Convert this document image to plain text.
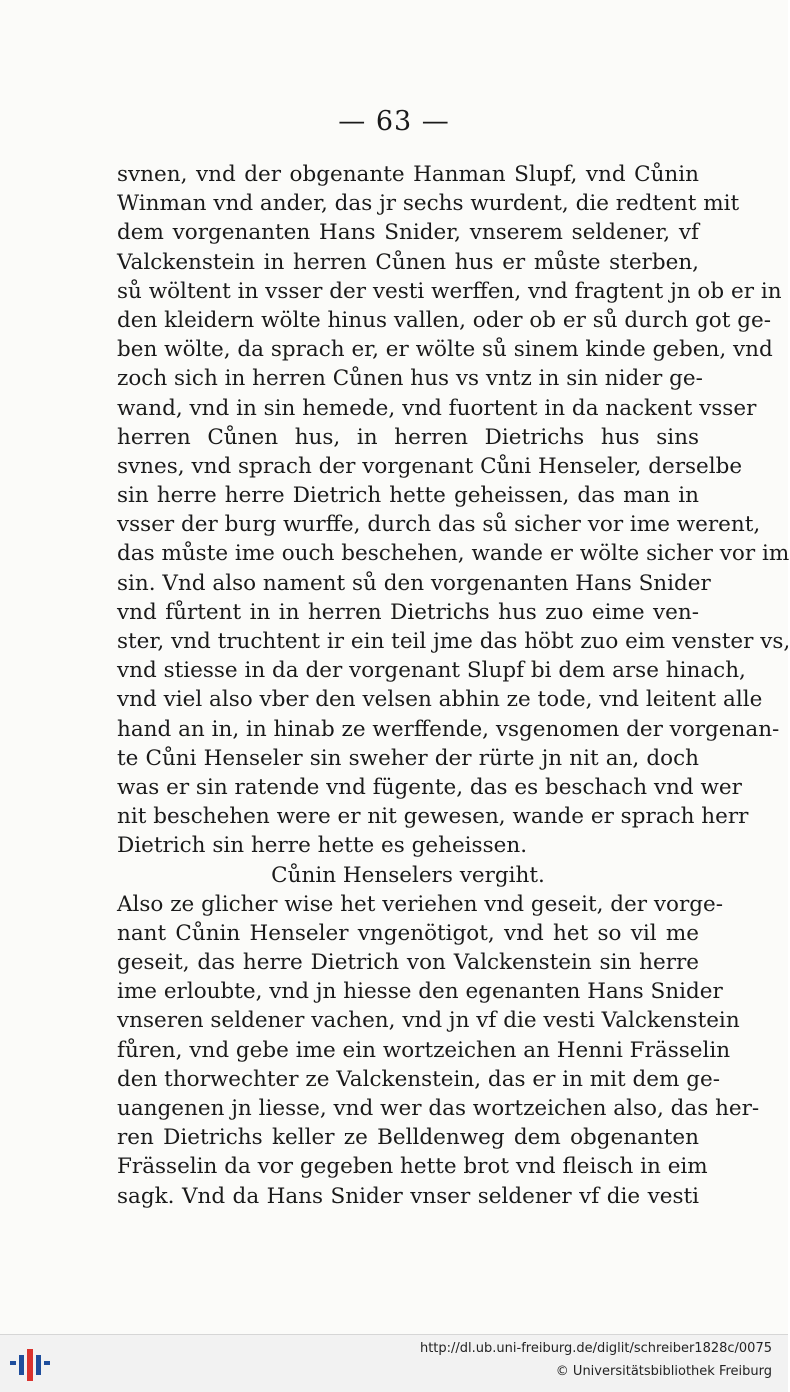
— 63 —
svnen, vnd der obgenante Hanman Slupf, vnd Cůnin
Winman vnd ander, das jr sechs wurdent, die redtent mit
dem vorgenanten Hans Snider, vnserem seldener, vf
Valckenstein in herren Cůnen hus er můste sterben,
sů wöltent in vsser der vesti werffen, vnd fragtent jn ob er in
den kleidern wölte hinus vallen, oder ob er sů durch got ge-
ben wölte, da sprach er, er wölte sů sinem kinde geben, vnd
zoch sich in herren Cůnen hus vs vntz in sin nider ge-
wand, vnd in sin hemede, vnd fuortent in da nackent vsser
herren Cůnen hus, in herren Dietrichs hus sins
svnes, vnd sprach der vorgenant Cůni Henseler, derselbe
sin herre herre Dietrich hette geheissen, das man in
vsser der burg wurffe, durch das sů sicher vor ime werent,
das můste ime ouch beschehen, wande er wölte sicher vor im
sin. Vnd also nament sů den vorgenanten Hans Snider
vnd fůrtent in in herren Dietrichs hus zuo eime ven-
ster, vnd truchtent ir ein teil jme das höbt zuo eim venster vs,
vnd stiesse in da der vorgenant Slupf bi dem arse hinach,
vnd viel also vber den velsen abhin ze tode, vnd leitent alle
hand an in, in hinab ze werffende, vsgenomen der vorgenan-
te Cůni Henseler sin sweher der rürte jn nit an, doch
was er sin ratende vnd fügente, das es beschach vnd wer
nit beschehen were er nit gewesen, wande er sprach herr
Dietrich sin herre hette es geheissen.
Cůnin Henselers vergiht.
Also ze glicher wise het veriehen vnd geseit, der vorge-
nant Cůnin Henseler vngenötigot, vnd het so vil me
geseit, das herre Dietrich von Valckenstein sin herre
ime erloubte, vnd jn hiesse den egenanten Hans Snider
vnseren seldener vachen, vnd jn vf die vesti Valckenstein
fůren, vnd gebe ime ein wortzeichen an Henni Frässelin
den thorwechter ze Valckenstein, das er in mit dem ge-
uangenen jn liesse, vnd wer das wortzeichen also, das her-
ren Dietrichs keller ze Belldenweg dem obgenanten
Frässelin da vor gegeben hette brot vnd fleisch in eim
sagk. Vnd da Hans Snider vnser seldener vf die vesti
http://dl.ub.uni-freiburg.de/diglit/schreiber1828c/0075
© Universitätsbibliothek Freiburg
